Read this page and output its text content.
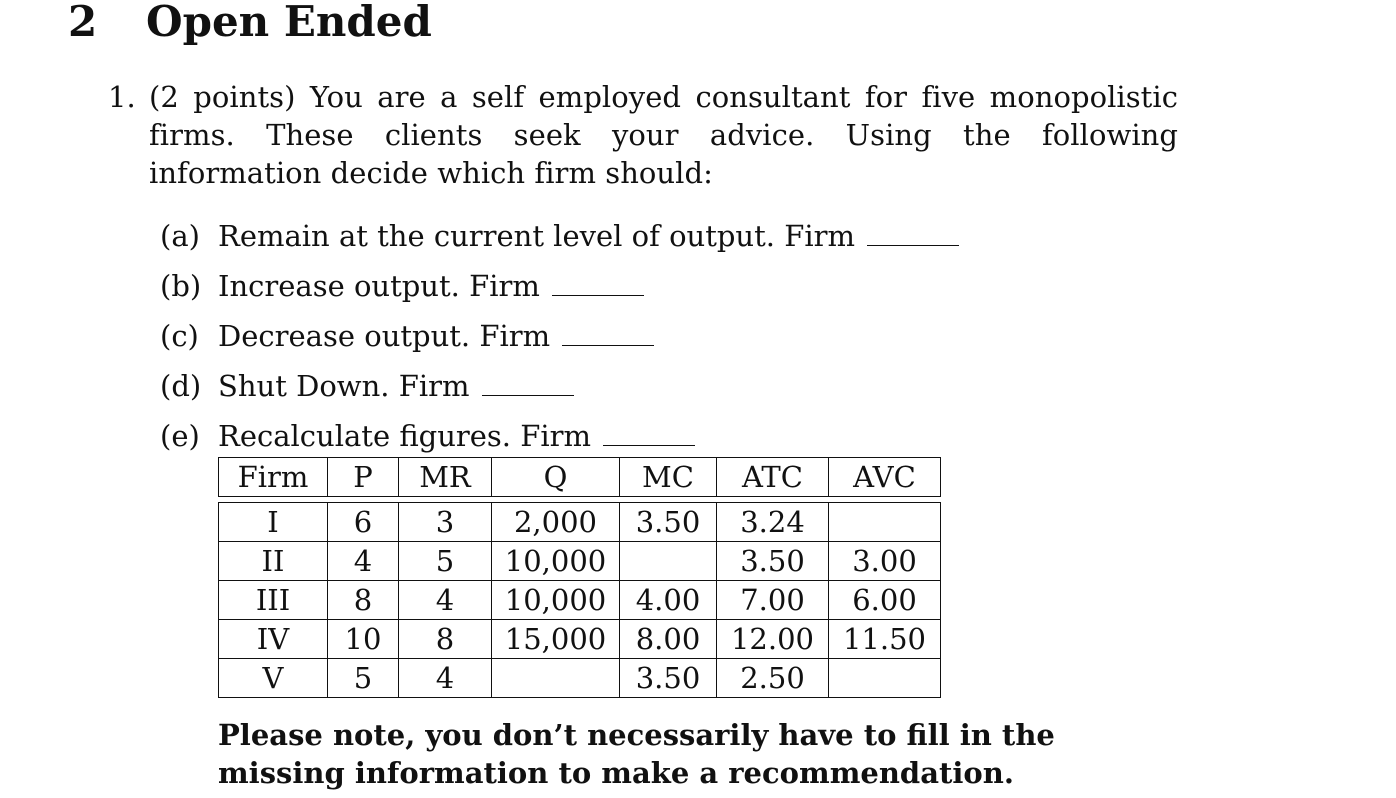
2 Open Ended
1. (2 points) You are a self employed consultant for five monopolistic firms. These clients seek your advice. Using the following information decide which firm should:
(a) Remain at the current level of output. Firm
(b) Increase output. Firm
(c) Decrease output. Firm
(d) Shut Down. Firm
(e) Recalculate figures. Firm
Firm	P	MR	Q	MC	ATC	AVC

I	6	3	2,000	3.50	3.24	
II	4	5	10,000		3.50	3.00
III	8	4	10,000	4.00	7.00	6.00
IV	10	8	15,000	8.00	12.00	11.50
V	5	4		3.50	2.50	
Please note, you don’t necessarily have to fill in the missing information to make a recommendation.
